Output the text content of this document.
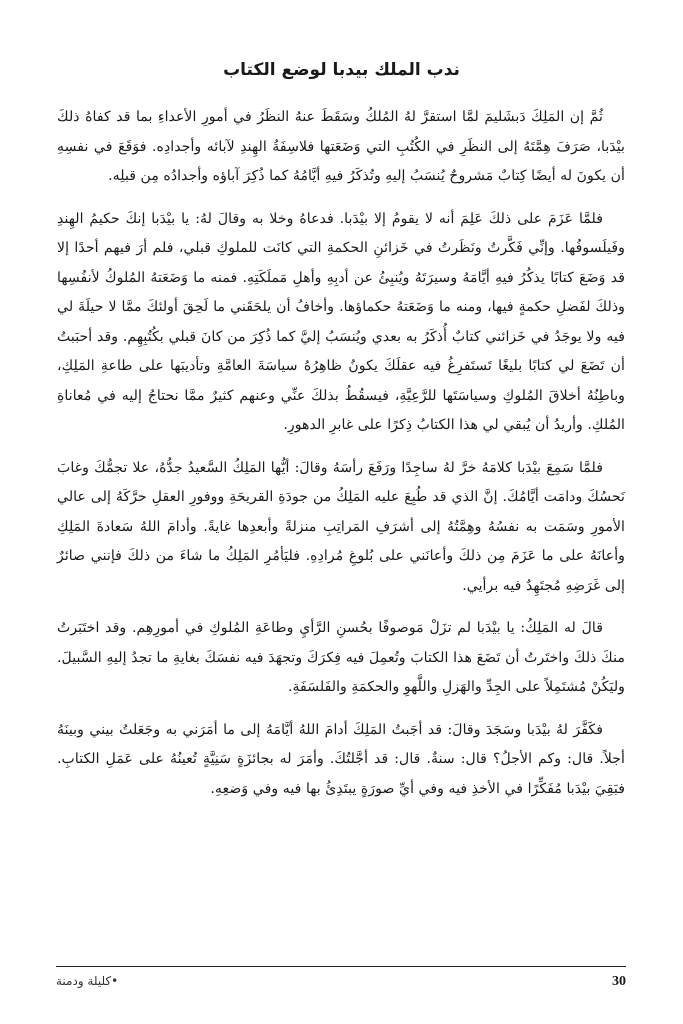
ندب الملك بيدبا لوضع الكتاب

ثُمَّ إن المَلِكَ دَبشَليمَ لمَّا استقرَّ لهُ المُلكُ وسَقَطَ عنهُ النظَرُ في أمورِ الأعداءِ بما قد كفاهُ ذلكَ بيْدَبا، صَرَفَ هِمَّتَهُ إلى النظَرِ في الكُتُبِ التي وَضَعَتها فلاسِفَةُ الهِندِ لآبائه وأجدادِه. فوَقَعَ في نفسِهِ أن يكونَ له أيضًا كِتابٌ مَشروحٌ يُنسَبُ إليهِ وتُذكَرُ فيهِ أيَّامُهُ كما ذُكِرَ آباؤه وأجدادُه مِن قبلِه.

فلمَّا عَزَمَ على ذلكَ عَلِمَ أنه لا يقومُ إلا بيْدَبا. فدعاهُ وخلا به وقالَ لهُ: يا بيْدَبا إنكَ حكيمُ الهِندِ وفَيلَسوفُها. وإنِّي فَكَّرتُ ونَظَرتُ في خَزائنِ الحكمةِ التي كانَت للملوكِ قبلي، فلم أرَ فيهم أحدًا إلا قد وَضَعَ كتابًا يذكُرُ فيهِ أيَّامَهُ وسيرَتَهُ ويُنبِئُ عن أدبِهِ وأهلِ مَملَكَتِهِ. فمنه ما وَضَعَتهُ المُلوكُ لأنفُسِها وذلكَ لفَضلِ حكمةٍ فيها، ومنه ما وَضَعَتهُ حكماؤها. وأخافُ أن يلحَقَني ما لَحِقَ أولئكَ ممَّا لا حيلَةَ لي فيه ولا يوجَدُ في خَزائني كتابٌ أُذكَرُ به بعدي ويُنسَبُ إليَّ كما ذُكِرَ من كانَ قبلي بكُتُبِهِم. وقد أحبَبتُ أن تَضَعَ لي كتابًا بليغًا تَستَفرِغُ فيه عقلَكَ يكونُ ظاهِرُهُ سياسَةَ العامَّةِ وتأديبَها على طاعةِ المَلِكِ، وباطِنُهُ أخلاقَ المُلوكِ وسياسَتَها للرَّعِيَّةِ، فيسقُطُ بذلكَ عنِّي وعنهم كثيرٌ ممَّا نحتاجُ إليه في مُعاناةِ المُلكِ. وأريدُ أن يُبقي لي هذا الكتابُ ذِكرًا على غابرِ الدهورِ.

فلمَّا سَمِعَ بيْدَبا كلامَهُ خرَّ لهُ ساجِدًا ورَفَعَ رأسَهُ وقالَ: أيُّها المَلِكُ السَّعيدُ جدُّهُ، علا تجمُّكَ وغابَ نَحسُكَ ودامَت أيَّامُكَ. إنَّ الذي قد طُبِعَ عليه المَلِكُ من جودَةِ القريحَةِ ووفورِ العقلِ حرَّكَهُ إلى عالي الأمورِ وسَمَت به نفسُهُ وهِمَّتُهُ إلى أشرَفِ المَراتِبِ منزلةً وأبعدِها غايةً. وأدامَ اللهُ سَعادةَ المَلِكِ وأعانَهُ على ما عَزَمَ مِن ذلكَ وأعانَني على بُلوغِ مُرادِهِ. فليَأمُرِ المَلِكُ ما شاءَ من ذلكَ فإنني صائرٌ إلى غَرَضِهِ مُجتَهِدٌ فيه برأيي.

قالَ له المَلِكُ: يا بيْدَبا لم تزَلْ مَوصوفًا بحُسنِ الرَّأيِ وطاعَةِ المُلوكِ في أمورِهِم. وقد اختَبَرتُ منكَ ذلكَ واختَرتُ أن تَضَعَ هذا الكتابَ وتُعمِلَ فيه فِكرَكَ وتجهَدَ فيه نفسَكَ بغايةِ ما تجدُ إليهِ السَّبيلَ. وليَكُنْ مُشتَمِلاً على الجِدِّ والهَزلِ واللَّهوِ والحكمَةِ والفَلسَفَةِ.

فكَفَّرَ لهُ بيْدَبا وسَجَدَ وقالَ: قد أجَبتُ المَلِكَ أدامَ اللهُ أيَّامَهُ إلى ما أمَرَني به وجَعَلتُ بيني وبينَهُ أجلاً. قال: وكم الأجلُ؟ قال: سنةٌ. قال: قد أجَّلتُكَ. وأمَرَ له بجائزَةٍ سَنِيَّةٍ تُعينُهُ على عَمَلِ الكتابِ. فبَقِيَ بيْدَبا مُفَكِّرًا في الأخذِ فيه وفي أيِّ صورَةٍ يبتَدِئُ بها فيه وفي وَضعِهِ.

30
•كليلة ودمنة
